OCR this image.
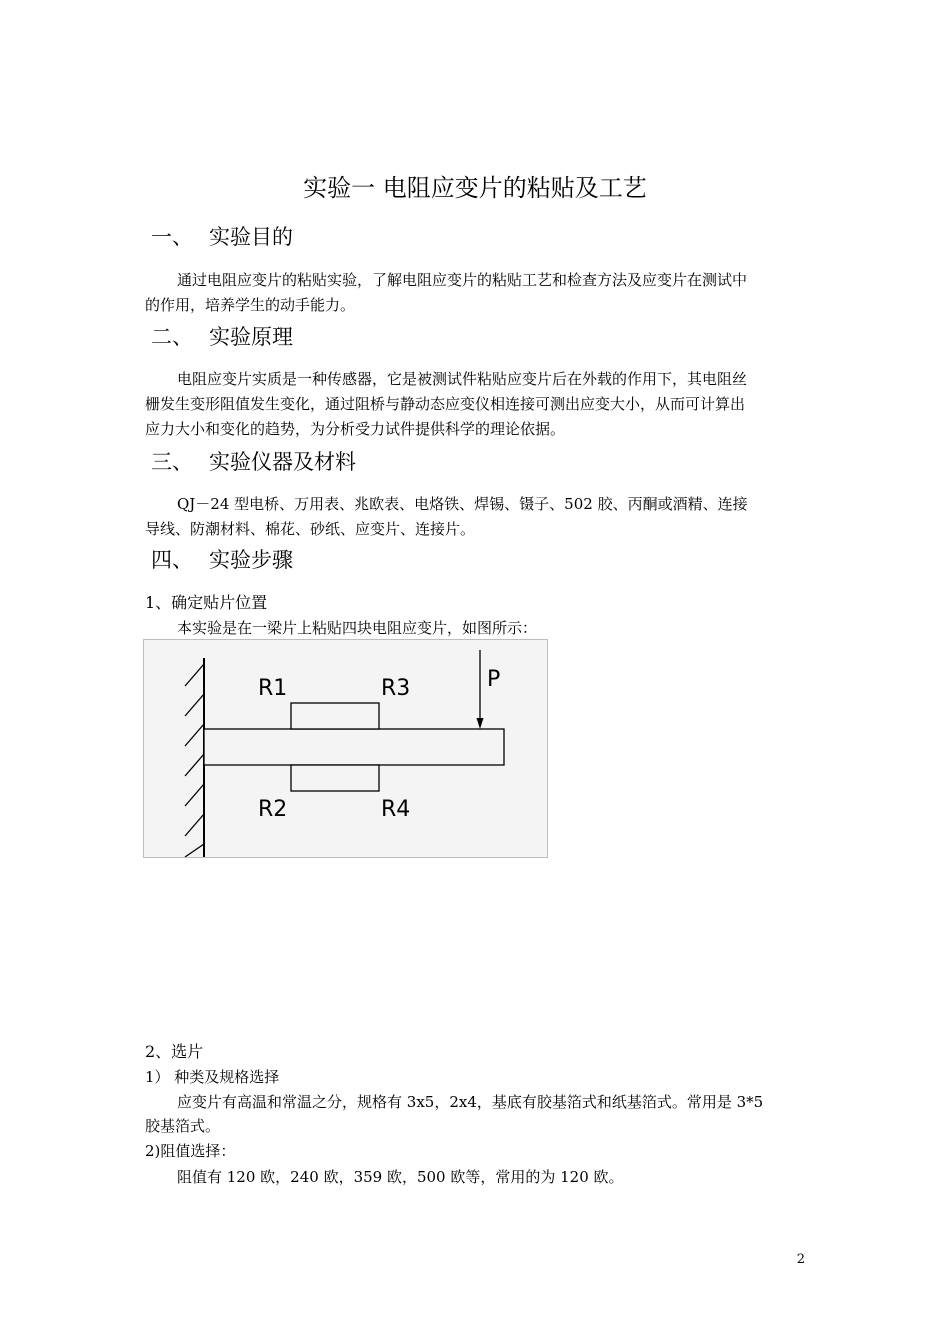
实验一 电阻应变片的粘贴及工艺
一、 实验目的
通过电阻应变片的粘贴实验，了解电阻应变片的粘贴工艺和检查方法及应变片在测试中
的作用，培养学生的动手能力。
二、 实验原理
电阻应变片实质是一种传感器，它是被测试件粘贴应变片后在外载的作用下，其电阻丝
栅发生变形阻值发生变化，通过阻桥与静动态应变仪相连接可测出应变大小，从而可计算出
应力大小和变化的趋势，为分析受力试件提供科学的理论依据。
三、 实验仪器及材料
QJ－24 型电桥、万用表、兆欧表、电烙铁、焊锡、镊子、502 胶、丙酮或酒精、连接
导线、防潮材料、棉花、砂纸、应变片、连接片。
四、 实验步骤
1、确定贴片位置
本实验是在一梁片上粘贴四块电阻应变片，如图所示：
R1	R3
R2	R4
P
2、选片
1） 种类及规格选择
应变片有高温和常温之分，规格有 3x5，2x4，基底有胶基箔式和纸基箔式。常用是 3*5
胶基箔式。
2)阻值选择：
阻值有 120 欧，240 欧，359 欧，500 欧等，常用的为 120 欧。
2
